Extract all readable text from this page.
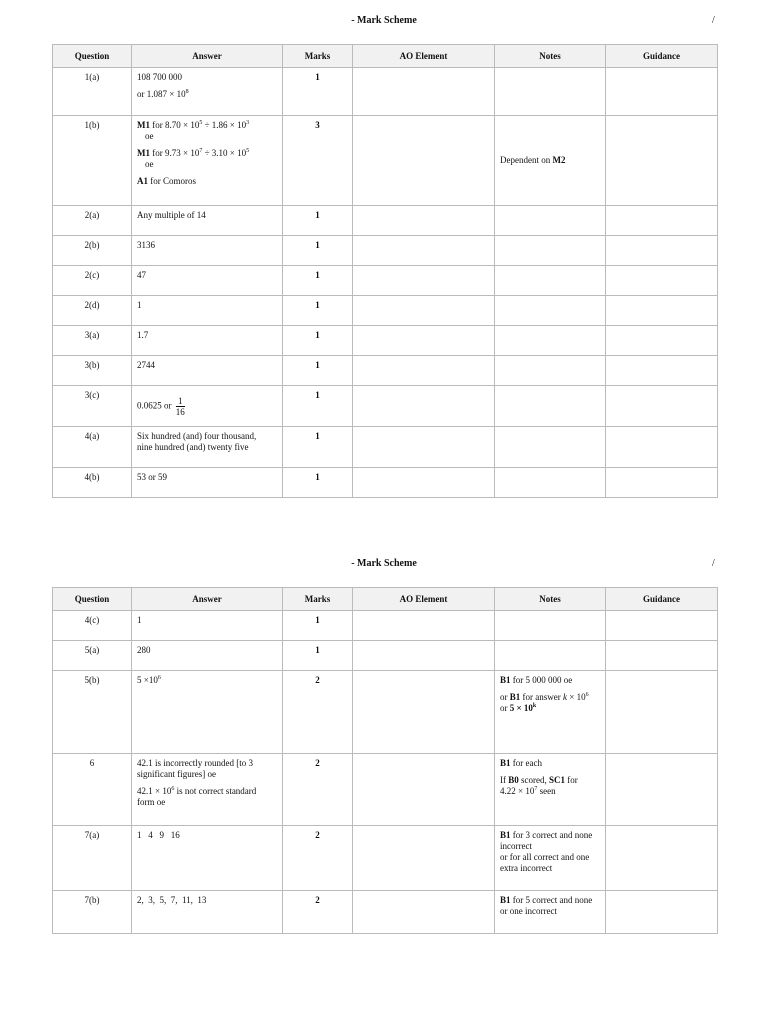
- Mark Scheme	/
Question	Answer	Marks	AO Element	Notes	Guidance
1(a)	108 700 000
or $1.087 \times 10^8$	1			
1(b)	M1 for $8.70 \times 10^5 \div 1.86 \times 10^3$
oe
M1 for $9.73 \times 10^7 \div 3.10 \times 10^5$
oe
A1 for Comoros	3		Dependent on M2	
2(a)	Any multiple of 14	1			
2(b)	3136	1			
2(c)	47	1			
2(d)	1	1			
3(a)	1.7	1			
3(b)	2744	1			
3(c)	0.0625 or $\frac{1}{16}$	1			
4(a)	Six hundred (and) four thousand,
nine hundred (and) twenty five	1			
4(b)	53 or 59	1			
- Mark Scheme	/
Question	Answer	Marks	AO Element	Notes	Guidance
4(c)	1	1			
5(a)	280	1			
5(b)	$5 \times 10^6$	2		B1 for 5 000 000 oe
or B1 for answer $k \times 10^6$
or $5 \times 10^k$	
6	42.1 is incorrectly rounded [to 3
significant figures] oe
$42.1 \times 10^6$ is not correct standard
form oe	2		B1 for each
If B0 scored, SC1 for
$4.22 \times 10^7$ seen	
7(a)	1   4   9   16	2		B1 for 3 correct and none
incorrect
or for all correct and one
extra incorrect	
7(b)	2,  3,  5,  7,  11,  13	2		B1 for 5 correct and none
or one incorrect	
